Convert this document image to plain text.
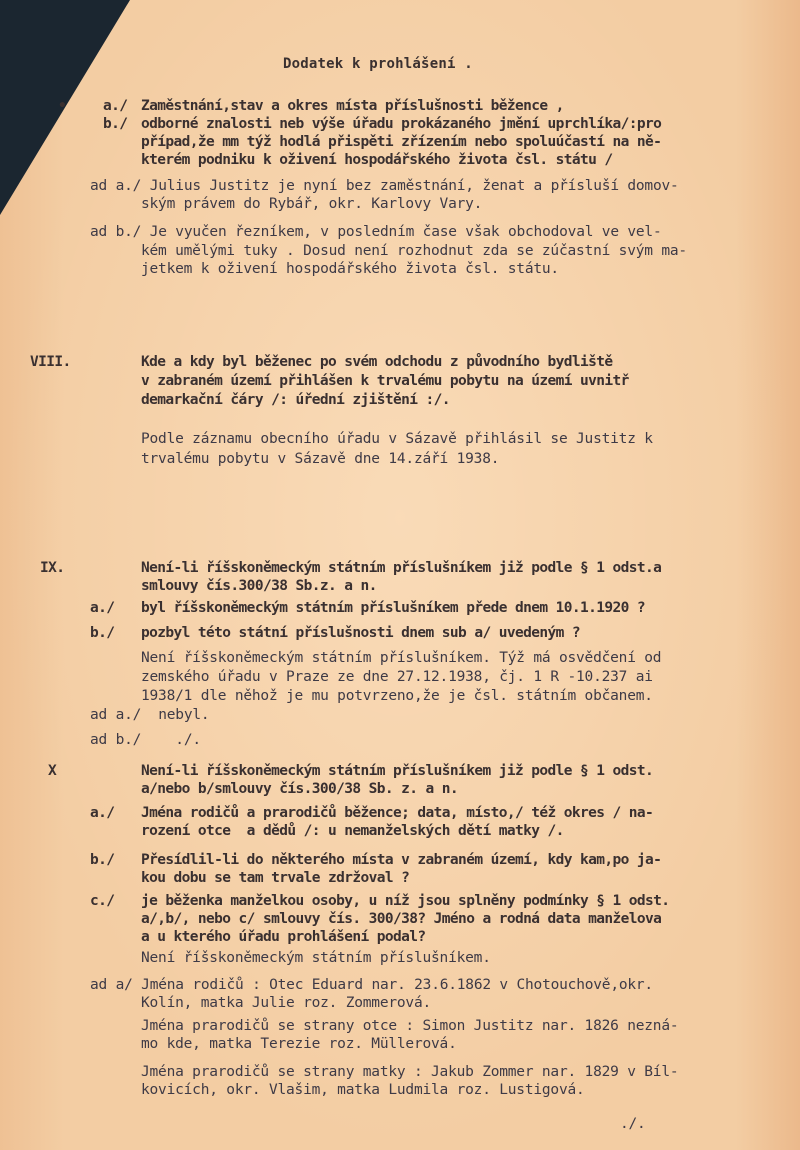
Dodatek k prohlášení .
•	a./ Zaměstnání,stav a okres místa příslušnosti běžence ,
b./ odborné znalosti neb výše úřadu prokázaného jmění uprchlíka/:pro
případ,že mm týž hodlá přispěti zřízením nebo spoluúčastí na ně-
kterém podniku k oživení hospodářského života čsl. státu /
ad a./ Julius Justitz je nyní bez zaměstnání, ženat a přísluší domov-
ským právem do Rybář, okr. Karlovy Vary.
ad b./ Je vyučen řezníkem, v posledním čase však obchodoval ve vel-
kém umělými tuky . Dosud není rozhodnut zda se zúčastní svým ma-
jetkem k oživení hospodářského života čsl. státu.
VIII.	Kde a kdy byl běženec po svém odchodu z původního bydliště
v zabraném území přihlášen k trvalému pobytu na území uvnitř
demarkační čáry /: úřední zjištění :/.
Podle záznamu obecního úřadu v Sázavě přihlásil se Justitz k
trvalému pobytu v Sázavě dne 14.září 1938.
IX.	Není-li říšskoněmeckým státním příslušníkem již podle § 1 odst.a
smlouvy čís.300/38 Sb.z. a n.
a./ byl říšskoněmeckým státním příslušníkem přede dnem 10.1.1920 ?
b./ pozbyl této státní příslušnosti dnem sub a/ uvedeným ?
Není říšskoněmeckým státním příslušníkem. Týž má osvědčení od
zemského úřadu v Praze ze dne 27.12.1938, čj. 1 R -10.237 ai
1938/1 dle něhož je mu potvrzeno,že je čsl. státním občanem.
ad a./  nebyl.
ad b./    ./.
X	Není-li říšskoněmeckým státním příslušníkem již podle § 1 odst.
a/nebo b/smlouvy čís.300/38 Sb. z. a n.
a./ Jména rodičů a prarodičů běžence; data, místo,/ též okres / na-
rození otce  a dědů /: u nemanželských dětí matky /.
b./ Přesídlil-li do některého místa v zabraném území, kdy kam,po ja-
kou dobu se tam trvale zdržoval ?
c./ je běženka manželkou osoby, u níž jsou splněny podmínky § 1 odst.
a/,b/, nebo c/ smlouvy čís. 300/38? Jméno a rodná data manželova
a u kterého úřadu prohlášení podal?
Není říšskoněmeckým státním příslušníkem.
ad a/ Jména rodičů : Otec Eduard nar. 23.6.1862 v Chotouchově,okr.
Kolín, matka Julie roz. Zommerová.
Jména prarodičů se strany otce : Simon Justitz nar. 1826 nezná-
mo kde, matka Terezie roz. Müllerová.
Jména prarodičů se strany matky : Jakub Zommer nar. 1829 v Bíl-
kovicích, okr. Vlašim, matka Ludmila roz. Lustigová.
./.
